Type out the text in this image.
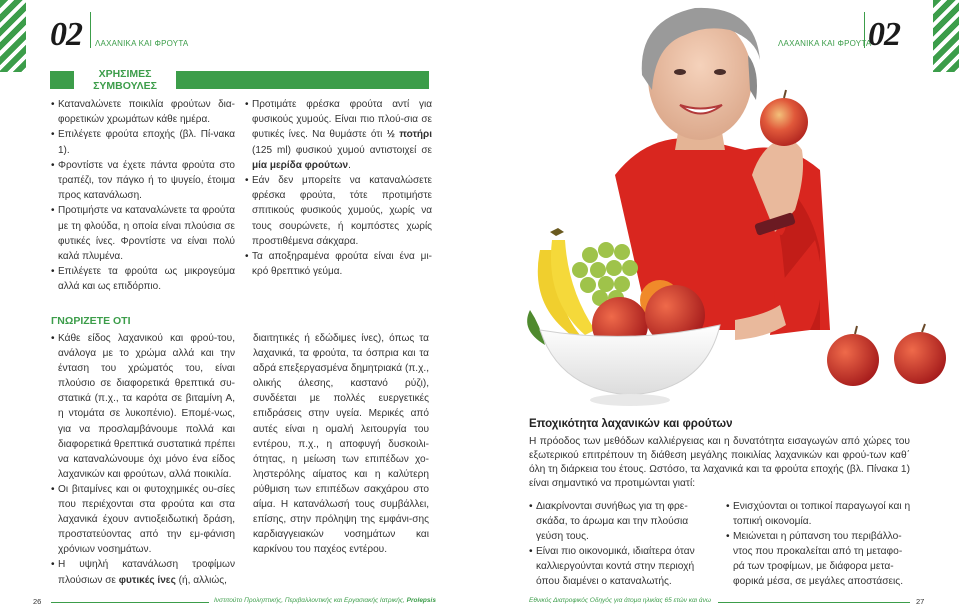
02 ΛΑΧΑΝΙΚΑ ΚΑΙ ΦΡΟΥΤΑ
ΧΡΗΣΙΜΕΣ
ΣΥΜΒΟΥΛΕΣ
• Καταναλώνετε ποικιλία φρούτων δια-φορετικών χρωμάτων κάθε ημέρα.
• Επιλέγετε φρούτα εποχής (βλ. Πί-νακα 1).
• Φροντίστε να έχετε πάντα φρούτα στο τραπέζι, τον πάγκο ή το ψυγείο, έτοιμα προς κατανάλωση.
• Προτιμήστε να καταναλώνετε τα φρούτα με τη φλούδα, η οποία είναι πλούσια σε φυτικές ίνες. Φροντίστε να είναι πολύ καλά πλυμένα.
• Επιλέγετε τα φρούτα ως μικρογεύμα αλλά και ως επιδόρπιο.
• Προτιμάτε φρέσκα φρούτα αντί για φυσικούς χυμούς. Είναι πιο πλού-σια σε φυτικές ίνες. Να θυμάστε ότι ½ ποτήρι (125 ml) φυσικού χυμού αντιστοιχεί σε μία μερίδα φρούτων.
• Εάν δεν μπορείτε να καταναλώσετε φρέσκα φρούτα, τότε προτιμήστε σπιτικούς φυσικούς χυμούς, χωρίς να τους σουρώνετε, ή κομπόστες χωρίς προστιθέμενα σάκχαρα.
• Τα αποξηραμένα φρούτα είναι ένα μι-κρό θρεπτικό γεύμα.
ΓΝΩΡΙΖΕΤΕ ΟΤΙ
• Κάθε είδος λαχανικού και φρού-του, ανάλογα με το χρώμα αλλά και την ένταση του χρώματός του, είναι πλούσιο σε διαφορετικά θρεπτικά συ-στατικά (π.χ., τα καρότα σε βιταμίνη Α, η ντομάτα σε λυκοπένιο). Επομέ-νως, για να προσλαμβάνουμε πολλά και διαφορετικά θρεπτικά συστατικά πρέπει να καταναλώνουμε όχι μόνο ένα είδος λαχανικών και φρούτων, αλλά ποικιλία.
• Οι βιταμίνες και οι φυτοχημικές ου-σίες που περιέχονται στα φρούτα και στα λαχανικά έχουν αντιοξειδωτική δράση, προστατεύοντας από την εμ-φάνιση χρόνιων νοσημάτων.
• Η υψηλή κατανάλωση τροφίμων πλούσιων σε φυτικές ίνες (ή, αλλιώς,
διαιτητικές ή εδώδιμες ίνες), όπως τα λαχανικά, τα φρούτα, τα όσπρια και τα αδρά επεξεργασμένα δημητριακά (π.χ., ολικής άλεσης, καστανό ρύζι), συνδέεται με πολλές ευεργετικές επιδράσεις στην υγεία. Μερικές από αυτές είναι η ομαλή λειτουργία του εντέρου, π.χ., η αποφυγή δυσκοιλι-ότητας, η μείωση των επιπέδων χο-ληστερόλης αίματος και η καλύτερη ρύθμιση των επιπέδων σακχάρου στο αίμα. Η κατανάλωσή τους συμβάλλει, επίσης, στην πρόληψη της εμφάνι-σης καρδιαγγειακών νοσημάτων και καρκίνου του παχέος εντέρου.
26	Ινστιτούτο Προληπτικής, Περιβαλλοντικής και Εργασιακής Ιατρικής, Prolepsis
02
ΛΑΧΑΝΙΚΑ ΚΑΙ ΦΡΟΥΤΑ
Εποχικότητα λαχανικών και φρούτων
Η πρόοδος των μεθόδων καλλιέργειας και η δυνατότητα εισαγωγών από χώρες του εξωτερικού επιτρέπουν τη διάθεση μεγάλης ποικιλίας λαχανικών και φρού-των καθ΄ όλη τη διάρκεια του έτους. Ωστόσο, τα λαχανικά και τα φρούτα εποχής (βλ. Πίνακα 1) είναι σημαντικό να προτιμώνται γιατί:
• Διακρίνονται συνήθως για τη φρε-σκάδα, το άρωμα και την πλούσια γεύση τους.
• Είναι πιο οικονομικά, ιδιαίτερα όταν καλλιεργούνται κοντά στην περιοχή όπου διαμένει ο καταναλωτής.
• Ενισχύονται οι τοπικοί παραγωγοί και η τοπική οικονομία.
• Μειώνεται η ρύπανση του περιβάλλο-ντος που προκαλείται από τη μεταφο-ρά των τροφίμων, με διάφορα μετα-φορικά μέσα, σε μεγάλες αποστάσεις.
Εθνικός Διατροφικός Οδηγός για άτομα ηλικίας 65 ετών και άνω	27
